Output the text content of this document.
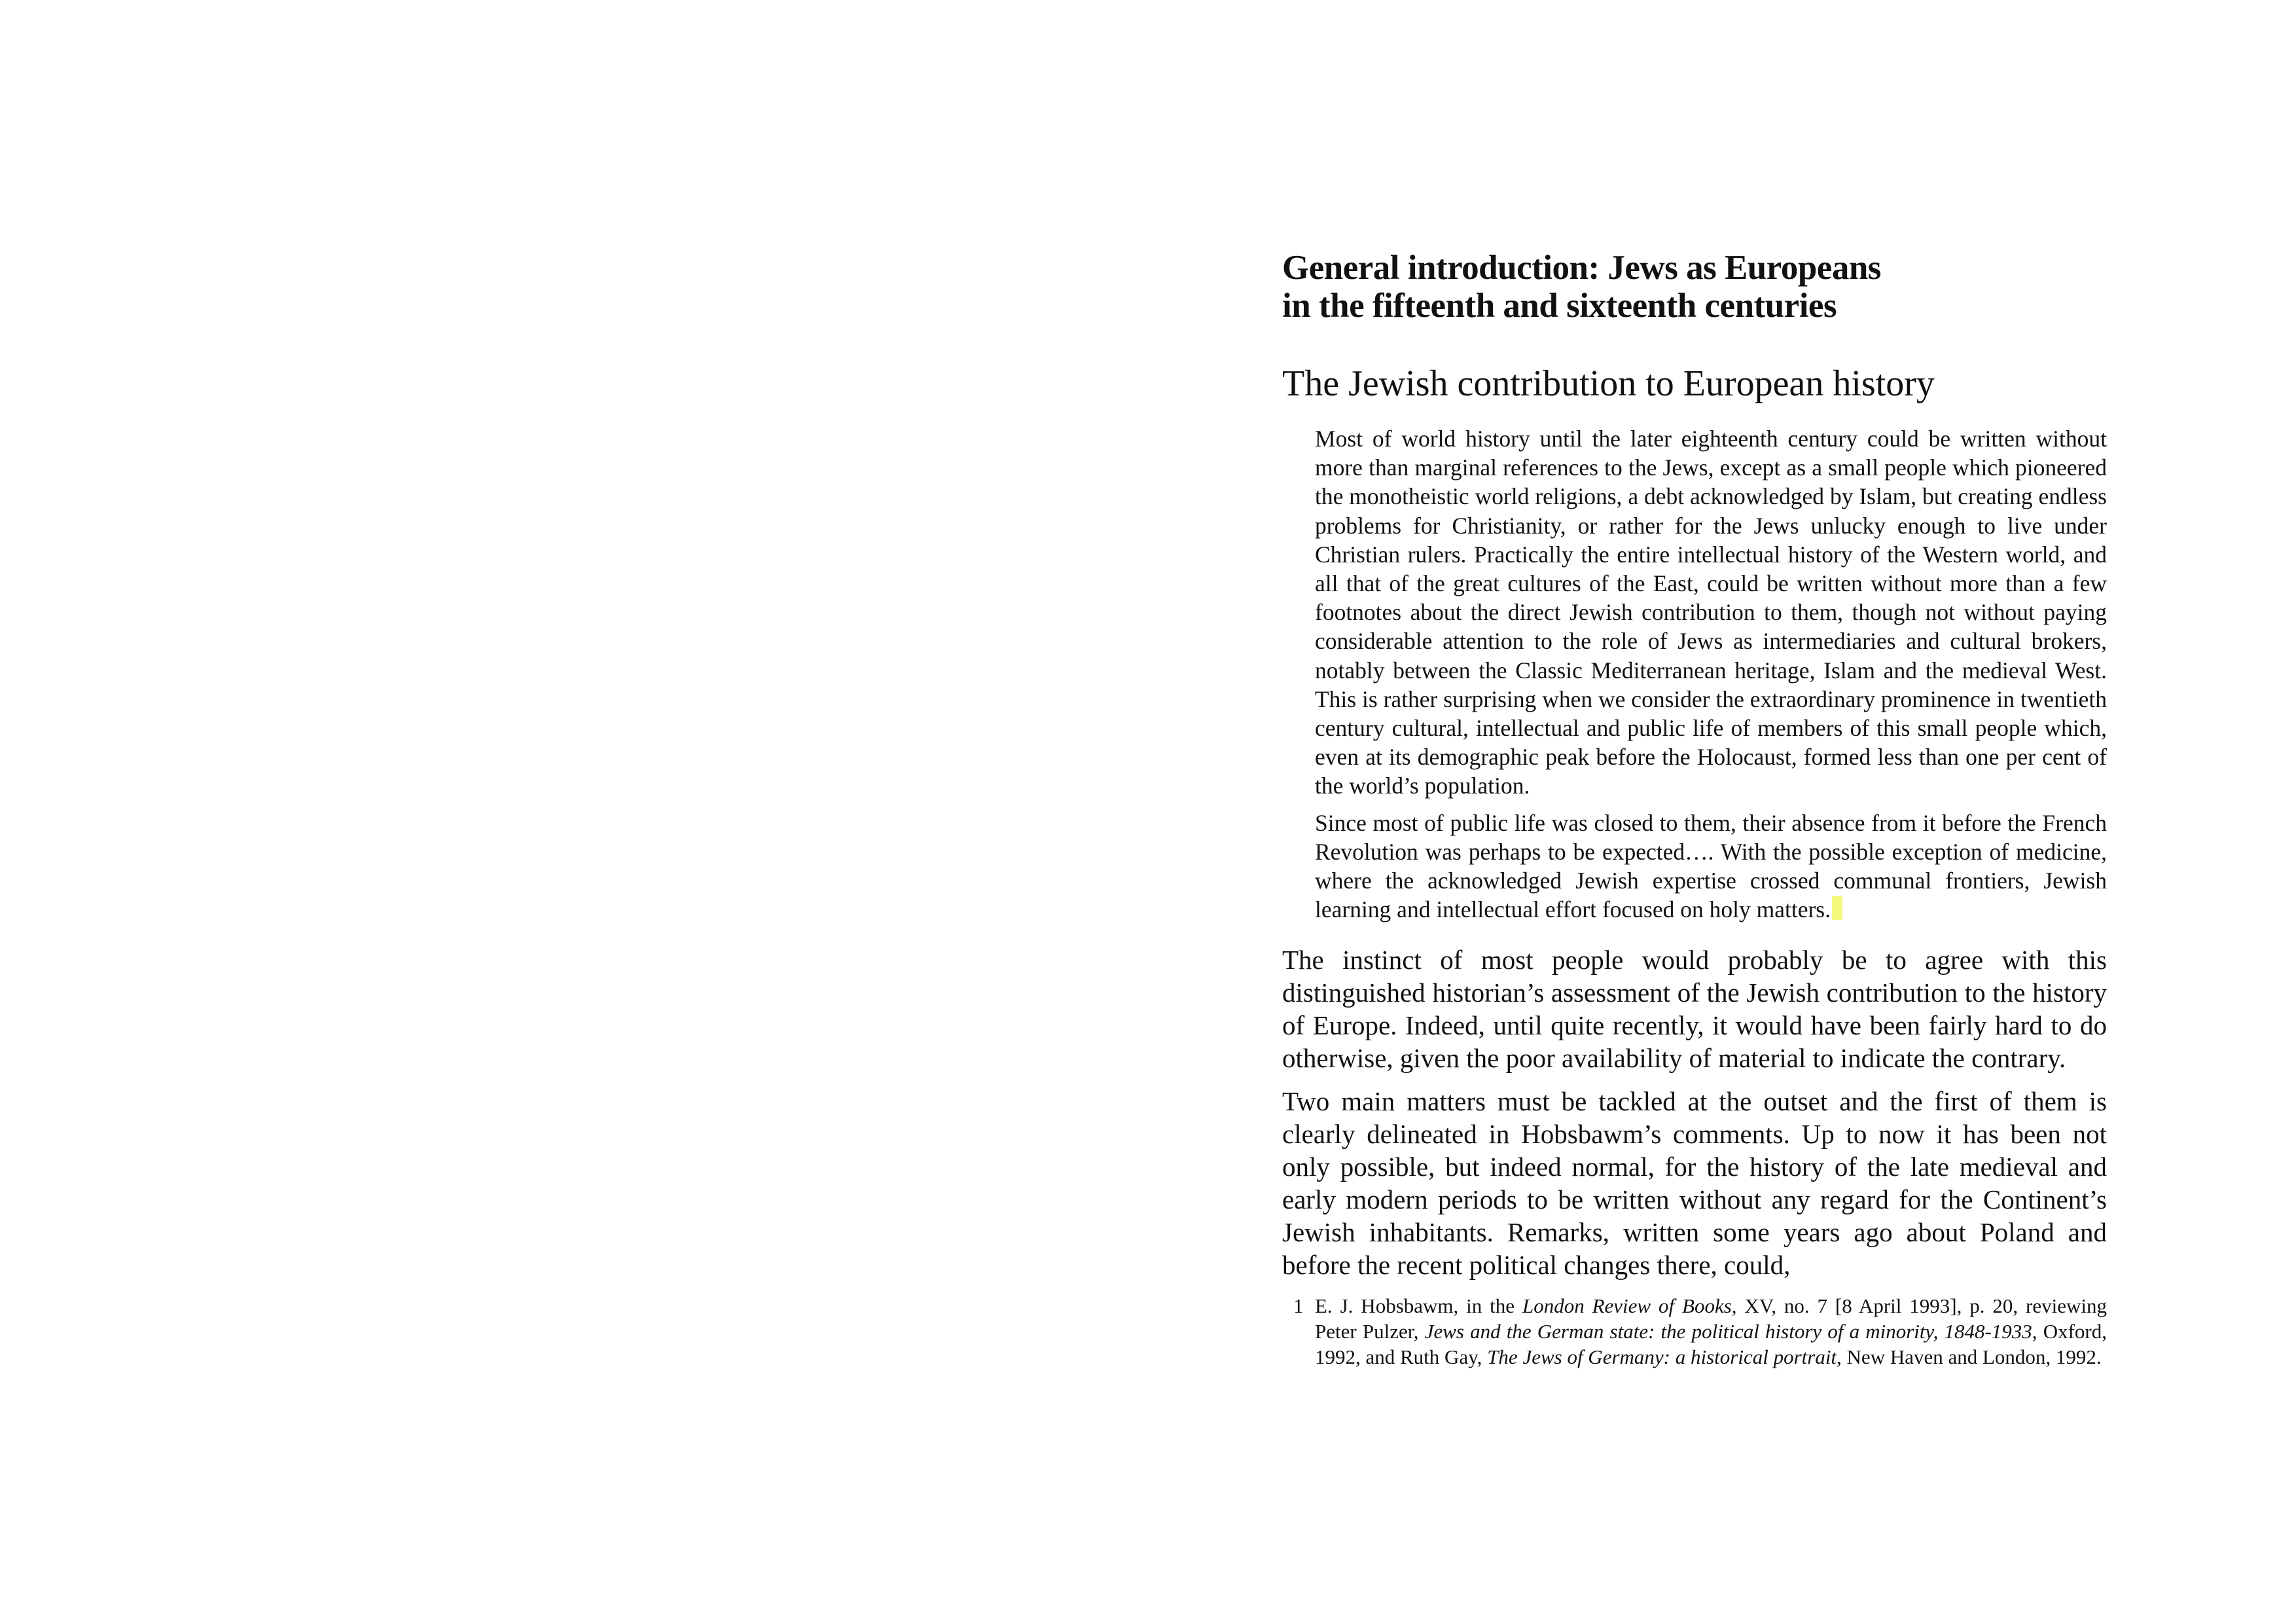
General introduction: Jews as Europeans
in the fifteenth and sixteenth centuries
The Jewish contribution to European history

Most of world history until the later eighteenth century could be written without more than marginal references to the Jews, except as a small people which pioneered the monotheistic world religions, a debt acknowledged by Islam, but creating endless problems for Christianity, or rather for the Jews unlucky enough to live under Christian rulers. Practically the entire intellectual history of the Western world, and all that of the great cultures of the East, could be written without more than a few footnotes about the direct Jewish contribution to them, though not without paying considerable attention to the role of Jews as intermediaries and cultural brokers, notably between the Classic Mediterranean heritage, Islam and the medieval West. This is rather surprising when we consider the extraordinary prominence in twentieth century cultural, intellectual and public life of members of this small people which, even at its demographic peak before the Holocaust, formed less than one per cent of the world’s population.

Since most of public life was closed to them, their absence from it before the French Revolution was perhaps to be expected…. With the possible exception of medicine, where the acknowledged Jewish expertise crossed communal frontiers, Jewish learning and intellectual effort focused on holy matters.

The instinct of most people would probably be to agree with this distinguished historian’s assessment of the Jewish contribution to the history of Europe. Indeed, until quite recently, it would have been fairly hard to do otherwise, given the poor availability of material to indicate the contrary.

Two main matters must be tackled at the outset and the first of them is clearly delineated in Hobsbawm’s comments. Up to now it has been not only possible, but indeed normal, for the history of the late medieval and early modern periods to be written without any regard for the Continent’s Jewish inhabitants. Remarks, written some years ago about Poland and before the recent political changes there, could,

1 E. J. Hobsbawm, in the London Review of Books, XV, no. 7 [8 April 1993], p. 20, reviewing Peter Pulzer, Jews and the German state: the political history of a minority, 1848-1933, Oxford, 1992, and Ruth Gay, The Jews of Germany: a historical portrait, New Haven and London, 1992.
